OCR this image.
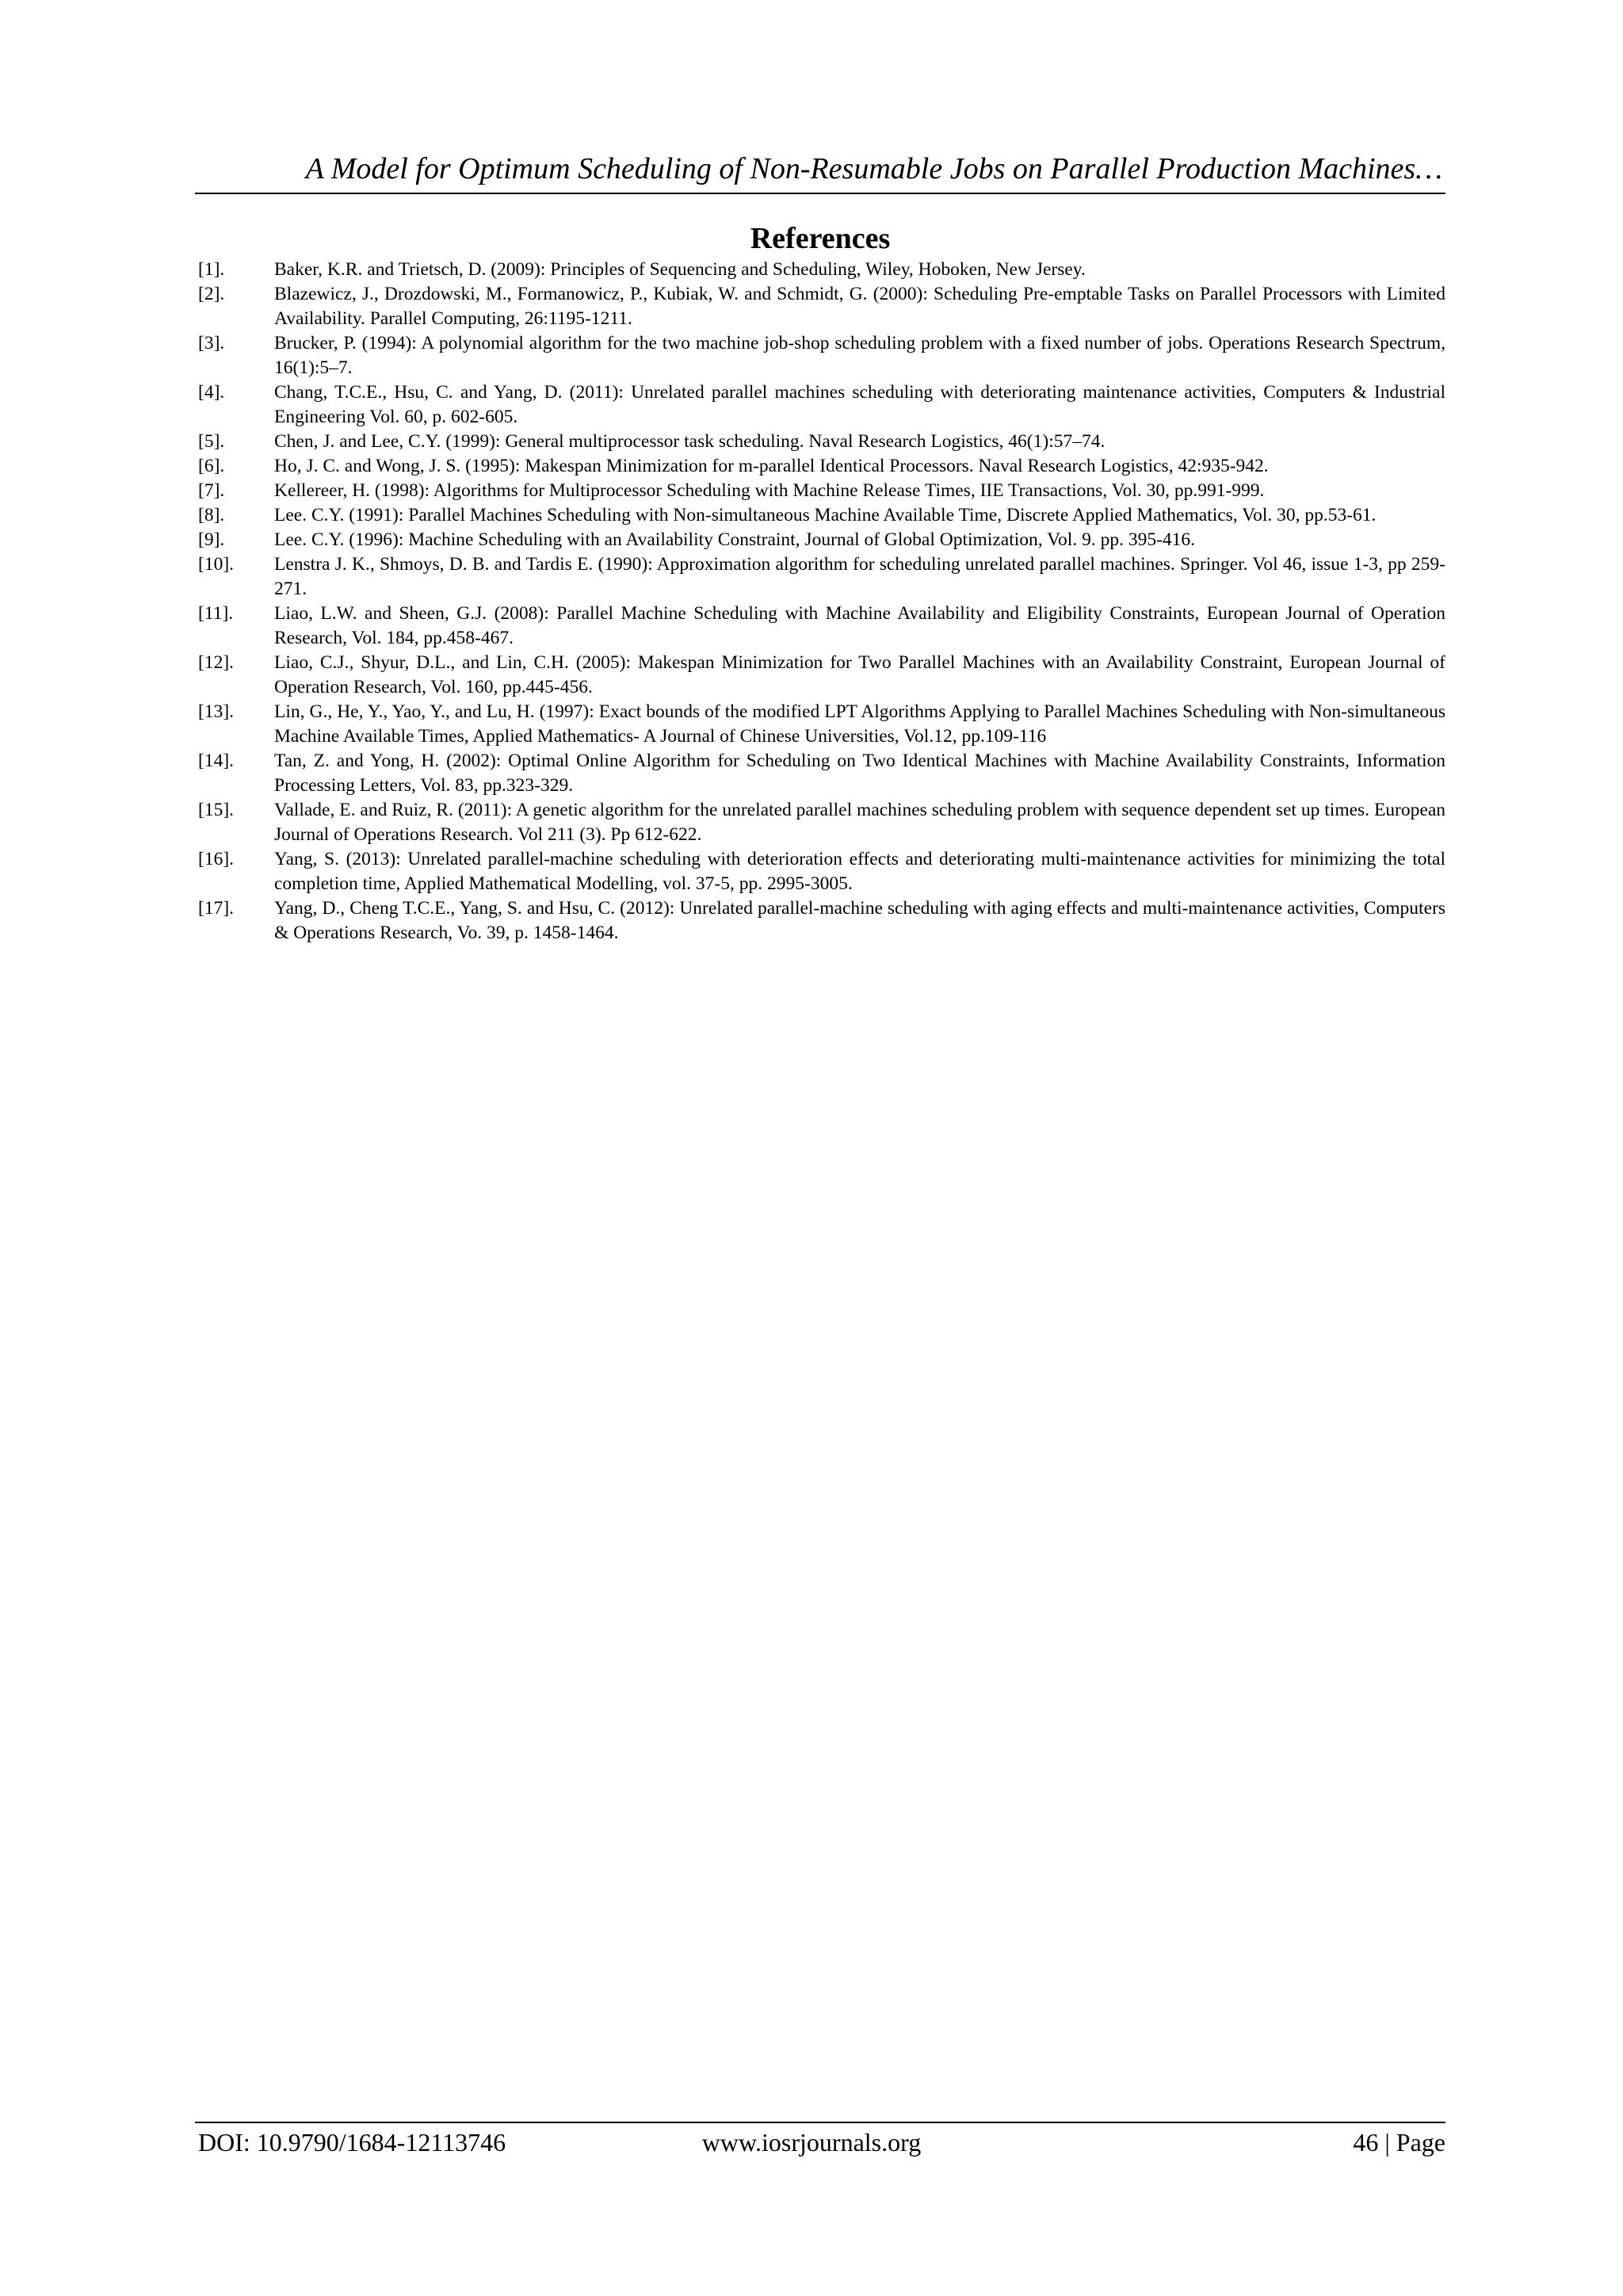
A Model for Optimum Scheduling of Non-Resumable Jobs on Parallel Production Machines…
References
[1].	Baker, K.R. and Trietsch, D. (2009): Principles of Sequencing and Scheduling, Wiley, Hoboken, New Jersey.
[2].	Blazewicz, J., Drozdowski, M., Formanowicz, P., Kubiak, W. and Schmidt, G. (2000): Scheduling Pre-emptable Tasks on Parallel Processors with Limited Availability. Parallel Computing, 26:1195-1211.
[3].	Brucker, P. (1994): A polynomial algorithm for the two machine job-shop scheduling problem with a fixed number of jobs. Operations Research Spectrum, 16(1):5–7.
[4].	Chang, T.C.E., Hsu, C. and Yang, D. (2011): Unrelated parallel machines scheduling with deteriorating maintenance activities, Computers & Industrial Engineering Vol. 60, p. 602-605.
[5].	Chen, J. and Lee, C.Y. (1999): General multiprocessor task scheduling. Naval Research Logistics, 46(1):57–74.
[6].	Ho, J. C. and Wong, J. S. (1995): Makespan Minimization for m-parallel Identical Processors. Naval Research Logistics, 42:935-942.
[7].	Kellereer, H. (1998): Algorithms for Multiprocessor Scheduling with Machine Release Times, IIE Transactions, Vol. 30, pp.991-999.
[8].	Lee. C.Y. (1991): Parallel Machines Scheduling with Non-simultaneous Machine Available Time, Discrete Applied Mathematics, Vol. 30, pp.53-61.
[9].	Lee. C.Y. (1996): Machine Scheduling with an Availability Constraint, Journal of Global Optimization, Vol. 9. pp. 395-416.
[10]. Lenstra J. K., Shmoys, D. B. and Tardis E. (1990): Approximation algorithm for scheduling unrelated parallel machines. Springer. Vol 46, issue 1-3, pp 259-271.
[11]. Liao, L.W. and Sheen, G.J. (2008): Parallel Machine Scheduling with Machine Availability and Eligibility Constraints, European Journal of Operation Research, Vol. 184, pp.458-467.
[12]. Liao, C.J., Shyur, D.L., and Lin, C.H. (2005): Makespan Minimization for Two Parallel Machines with an Availability Constraint, European Journal of Operation Research, Vol. 160, pp.445-456.
[13]. Lin, G., He, Y., Yao, Y., and Lu, H. (1997): Exact bounds of the modified LPT Algorithms Applying to Parallel Machines Scheduling with Non-simultaneous Machine Available Times, Applied Mathematics- A Journal of Chinese Universities, Vol.12, pp.109-116
[14]. Tan, Z. and Yong, H. (2002): Optimal Online Algorithm for Scheduling on Two Identical Machines with Machine Availability Constraints, Information Processing Letters, Vol. 83, pp.323-329.
[15]. Vallade, E. and Ruiz, R. (2011): A genetic algorithm for the unrelated parallel machines scheduling problem with sequence dependent set up times. European Journal of Operations Research. Vol 211 (3). Pp 612-622.
[16]. Yang, S. (2013): Unrelated parallel-machine scheduling with deterioration effects and deteriorating multi-maintenance activities for minimizing the total completion time, Applied Mathematical Modelling, vol. 37-5, pp. 2995-3005.
[17]. Yang, D., Cheng T.C.E., Yang, S. and Hsu, C. (2012): Unrelated parallel-machine scheduling with aging effects and multi-maintenance activities, Computers & Operations Research, Vo. 39, p. 1458-1464.
DOI: 10.9790/1684-12113746	www.iosrjournals.org	46 | Page
